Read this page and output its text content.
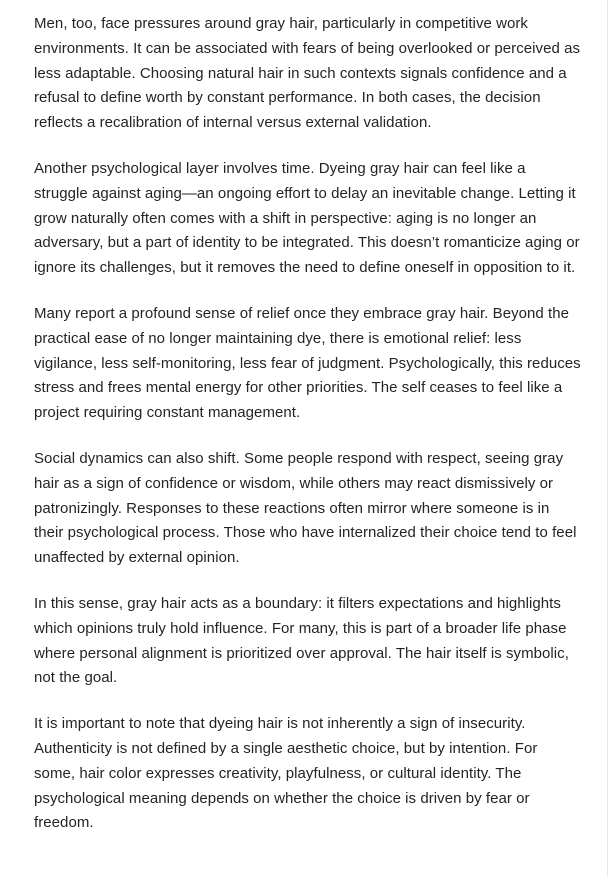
Men, too, face pressures around gray hair, particularly in competitive work environments. It can be associated with fears of being overlooked or perceived as less adaptable. Choosing natural hair in such contexts signals confidence and a refusal to define worth by constant performance. In both cases, the decision reflects a recalibration of internal versus external validation.

Another psychological layer involves time. Dyeing gray hair can feel like a struggle against aging—an ongoing effort to delay an inevitable change. Letting it grow naturally often comes with a shift in perspective: aging is no longer an adversary, but a part of identity to be integrated. This doesn’t romanticize aging or ignore its challenges, but it removes the need to define oneself in opposition to it.

Many report a profound sense of relief once they embrace gray hair. Beyond the practical ease of no longer maintaining dye, there is emotional relief: less vigilance, less self-monitoring, less fear of judgment. Psychologically, this reduces stress and frees mental energy for other priorities. The self ceases to feel like a project requiring constant management.

Social dynamics can also shift. Some people respond with respect, seeing gray hair as a sign of confidence or wisdom, while others may react dismissively or patronizingly. Responses to these reactions often mirror where someone is in their psychological process. Those who have internalized their choice tend to feel unaffected by external opinion.

In this sense, gray hair acts as a boundary: it filters expectations and highlights which opinions truly hold influence. For many, this is part of a broader life phase where personal alignment is prioritized over approval. The hair itself is symbolic, not the goal.

It is important to note that dyeing hair is not inherently a sign of insecurity. Authenticity is not defined by a single aesthetic choice, but by intention. For some, hair color expresses creativity, playfulness, or cultural identity. The psychological meaning depends on whether the choice is driven by fear or freedom.
